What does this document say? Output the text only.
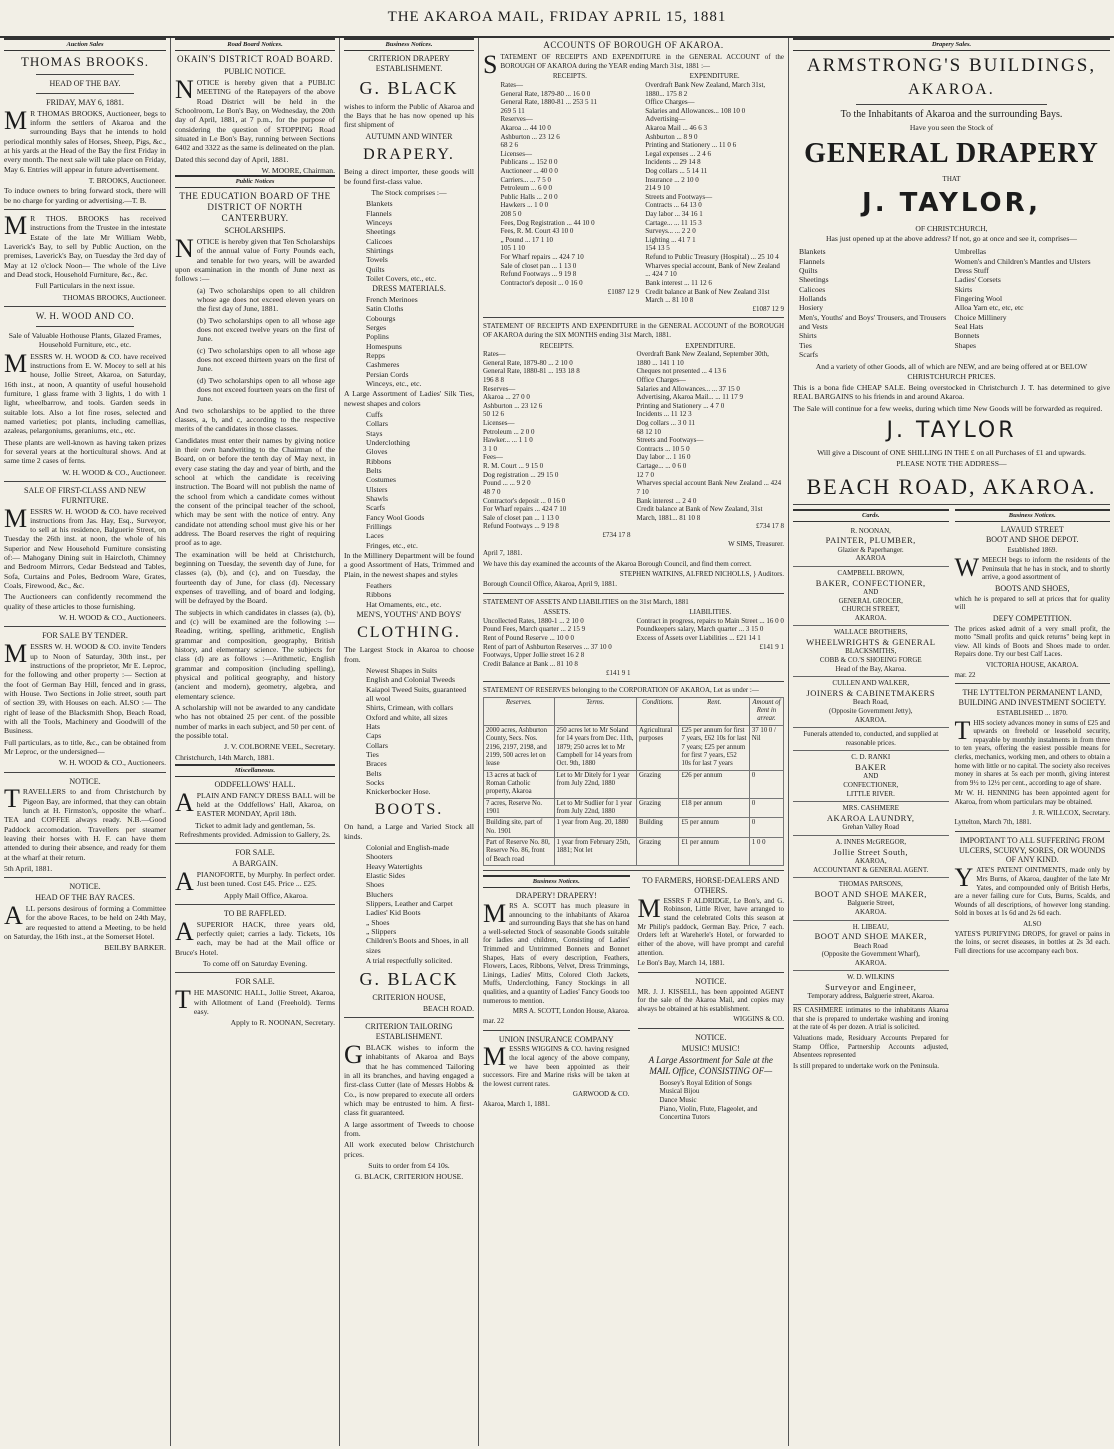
THE AKAROA MAIL, FRIDAY APRIL 15, 1881
Auction Sales
THOMAS BROOKS.
HEAD OF THE BAY.
FRIDAY, MAY 6, 1881.
M R THOMAS BROOKS, Auctioneer, begs to inform the settlers of Akaroa and the surrounding Bays that he intends to hold periodical monthly sales of Horses, Sheep, Pigs, &c., at his yards at the Head of the Bay the first Friday in every month. The next sale will take place on Friday, May 6. Entries will appear in future advertisement.
T. BROOKS, Auctioneer.
To induce owners to bring forward stock, there will be no charge for yarding or advertising.—T. B.
M R THOS. BROOKS has received instructions from the Trustee in the intestate Estate of the late Mr William Webb, Laverick's Bay, to sell by Public Auction, on the premises, Laverick's Bay, on Tuesday the 3rd day of May at 12 o'clock Noon— The whole of the Live and Dead stock, Household Furniture, &c., &c.
Full Particulars in the next issue.
THOMAS BROOKS, Auctioneer.
W. H. WOOD AND CO.
Sale of Valuable Hothouse Plants, Glazed Frames, Household Furniture, etc., etc.
MESSRS W. H. WOOD & CO. have received instructions from E. W. Mocey to sell at his house, Jollie Street, Akaroa, on Saturday, 16th inst., at noon, A quantity of useful household furniture, 1 glass frame with 3 lights, 1 do with 1 light, wheelbarrow, and tools. Garden seeds in suitable lots. Also a lot fine roses, selected and named varieties; pot plants, including camellias, azaleas, pelargoniums, geraniums, etc., etc.
These plants are well-known as having taken prizes for several years at the horticultural shows. And at same time 2 cases of ferns.
W. H. WOOD & CO., Auctioneer.
SALE OF FIRST-CLASS AND NEW FURNITURE.
MESSRS W. H. WOOD & CO. have received instructions from Jas. Hay, Esq., Surveyor, to sell at his residence, Balguerie Street, on Tuesday the 26th inst. at noon, the whole of his Superior and New Household Furniture consisting of:— Mahogany Dining suit in Haircloth, Chimney and Bedroom Mirrors, Cedar Bedstead and Tables, Sofa, Curtains and Poles, Bedroom Ware, Grates, Coals, Firewood, &c., &c.
The Auctioneers can confidently recommend the quality of these articles to those furnishing.
W. H. WOOD & CO., Auctioneers.
FOR SALE BY TENDER.
MESSRS W. H. WOOD & CO. invite Tenders up to Noon of Saturday, 30th inst., per instructions of the proprietor, Mr E. Leproc, for the following and other property :— Section at the foot of German Bay Hill, fenced and in grass, with House. Two Sections in Jolie street, south part of section 39, with Houses on each. ALSO :— The right of lease of the Blacksmith Shop, Beach Road, with all the Tools, Machinery and Goodwill of the Business.
Full particulars, as to title, &c., can be obtained from Mr Leproc, or the undersigned—
W. H. WOOD & CO., Auctioneers.
NOTICE.
TRAVELLERS to and from Christchurch by Pigeon Bay, are informed, that they can obtain lunch at H. Firmston's, opposite the wharf.. TEA and COFFEE always ready. N.B.—Good Paddock accomodation. Travellers per steamer leaving their horses with H. F. can have them attended to during their absence, and ready for them at the wharf at their return.
5th April, 1881.
NOTICE.
HEAD OF THE BAY RACES.
ALL persons desirous of forming a Committee for the above Races, to be held on 24th May, are requested to attend a Meeting, to be held on Saturday, the 16th inst., at the Somerset Hotel.
BEILBY BARKER.
Road Board Notices.
OKAIN'S DISTRICT ROAD BOARD.
PUBLIC NOTICE.
NOTICE is hereby given that a PUBLIC MEETING of the Ratepayers of the above Road District will be held in the Schoolroom, Le Bon's Bay, on Wednesday, the 20th day of April, 1881, at 7 p.m., for the purpose of considering the question of STOPPING Road situated in Le Bon's Bay, running between Sections 6402 and 3322 as the same is delineated on the plan.
Dated this second day of April, 1881.
W. MOORE, Chairman.
Public Notices
THE EDUCATION BOARD OF THE DISTRICT OF NORTH CANTERBURY.
SCHOLARSHIPS.
NOTICE is hereby given that Ten Scholarships of the annual value of Forty Pounds each, and tenable for two years, will be awarded upon examination in the month of June next as follows :—
(a) Two scholarships open to all children whose age does not exceed eleven years on the first day of June, 1881.
(b) Two scholarships open to all whose age does not exceed twelve years on the first of June.
(c) Two scholarships open to all whose age does not exceed thirteen years on the first of June.
(d) Two scholarships open to all whose age does not exceed fourteen years on the first of June.
And two scholarships to be applied to the three classes, a, b, and c, according to the respective merits of the candidates in those classes.
Candidates must enter their names by giving notice in their own handwriting to the Chairman of the Board, on or before the tenth day of May next, in every case stating the day and year of birth, and the school at which the candidate is receiving instruction. The Board will not publish the name of the school from which a candidate comes without the consent of the principal teacher of the school, which may be sent with the notice of entry. Any candidate not attending school must give his or her address. The Board reserves the right of requiring proof as to age.
The examination will be held at Christchurch, beginning on Tuesday, the seventh day of June, for classes (a), (b), and (c), and on Tuesday, the fourteenth day of June, for class (d). Necessary expenses of travelling, and of board and lodging, will be defrayed by the Board.
The subjects in which candidates in classes (a), (b), and (c) will be examined are the following :—Reading, writing, spelling, arithmetic, English grammar and composition, geography, British history, and elementary science. The subjects for class (d) are as follows :—Arithmetic, English grammar and composition (including spelling), physical and political geography, and history (ancient and modern), geometry, algebra, and elementary science.
A scholarship will not be awarded to any candidate who has not obtained 25 per cent. of the possible number of marks in each subject, and 50 per cent. of the possible total.
J. V. COLBORNE VEEL, Secretary.
Christchurch, 14th March, 1881.
Miscellaneous.
ODDFELLOWS' HALL.
APLAIN AND FANCY DRESS BALL will be held at the Oddfellows' Hall, Akaroa, on EASTER MONDAY, April 18th.
Ticket to admit lady and gentleman, 5s. Refreshments provided. Admission to Gallery, 2s.
FOR SALE.
A BARGAIN.
APIANOFORTE, by Murphy. In perfect order. Just been tuned. Cost £45. Price ... £25.
Apply Mail Office, Akaroa.
TO BE RAFFLED.
ASUPERIOR HACK, three years old, perfectly quiet; carries a lady. Tickets, 10s each, may be had at the Mail office or Bruce's Hotel.
To come off on Saturday Evening.
FOR SALE.
THE MASONIC HALL, Jollie Street, Akaroa, with Allotment of Land (Freehold). Terms easy.
Apply to R. NOONAN, Secretary.
Business Notices.
CRITERION DRAPERY ESTABLISHMENT.
G. BLACK
wishes to inform the Public of Akaroa and the Bays that he has now opened up his first shipment of
AUTUMN AND WINTER
DRAPERY.
Being a direct importer, these goods will be found first-class value.
The Stock comprises :—
Blankets
Flannels
Winceys
Sheetings
Calicoes
Shirtings
Towels
Quilts
Toilet Covers, etc., etc.
DRESS MATERIALS.
French Merinoes
Satin Cloths
Cobourgs
Serges
Poplins
Homespuns
Repps
Cashmeres
Persian Cords
Winceys, etc., etc.
A Large Assortment of Ladies' Silk Ties, newest shapes and colors
Cuffs
Collars
Stays
Underclothing
Gloves
Ribbons
Belts
Costumes
Ulsters
Shawls
Scarfs
Fancy Wool Goods
Frillings
Laces
Fringes, etc., etc.
In the Millinery Department will be found a good Assortment of Hats, Trimmed and Plain, in the newest shapes and styles
Feathers
Ribbons
Hat Ornaments, etc., etc.
MEN'S, YOUTHS' AND BOYS'
CLOTHING.
The Largest Stock in Akaroa to choose from.
Newest Shapes in Suits
English and Colonial Tweeds
Kaiapoi Tweed Suits, guaranteed all wool
Shirts, Crimean, with collars
Oxford and white, all sizes
Hats
Caps
Collars
Ties
Braces
Belts
Socks
Knickerbocker Hose.
BOOTS.
On hand, a Large and Varied Stock all kinds.
Colonial and English-made Shooters
Heavy Watertights
Elastic Sides
Shoes
Bluchers
Slippers, Leather and Carpet
Ladies' Kid Boots
„ Shoes
„ Slippers
Children's Boots and Shoes, in all sizes
A trial respectfully solicited.
G. BLACK
CRITERION HOUSE,
BEACH ROAD.
CRITERION TAILORING ESTABLISHMENT.
GBLACK wishes to inform the inhabitants of Akaroa and Bays that he has commenced Tailoring in all its branches, and having engaged a first-class Cutter (late of Messrs Hobbs & Co., is now prepared to execute all orders which may be entrusted to him. A first-class fit guaranteed.
A large assortment of Tweeds to choose from.
All work executed below Christchurch prices.
Suits to order from £4 10s.
G. BLACK, CRITERION HOUSE.
ACCOUNTS OF BOROUGH OF AKAROA.
STATEMENT OF RECEIPTS AND EXPENDITURE in the GENERAL ACCOUNT of the BOROUGH OF AKAROA during the YEAR ending March 31st, 1881 :—
RECEIPTS.
Rates—
General Rate, 1879-80 ... 16 0 0
General Rate, 1880-81 ... 253 5 11
269 5 11
Reserves—
Akaroa ... 44 10 0
Ashburton ... 23 12 6
68 2 6
Licenses—
Publicans ... 152 0 0
Auctioneer ... 40 0 0
Carriers... ... 7 5 0
Petroleum ... 6 0 0
Public Halls ... 2 0 0
Hawkers ... 1 0 0
208 5 0
Fees, Dog Registration ... 44 10 0
Fees, R. M. Court 43 10 0
„ Pound ... 17 1 10
105 1 10
For Wharf repairs ... 424 7 10
Sale of closet pan ... 1 13 0
Refund Footways ... 9 19 8
Contractor's deposit ... 0 16 0
£1087 12 9
EXPENDITURE.
Overdraft Bank New Zealand, March 31st, 1880... 175 8 2
Office Charges—
Salaries and Allowances... 108 10 0
Advertising—
Akaroa Mail ... 46 6 3
Ashburton ... 8 9 0
Printing and Stationery ... 11 0 6
Legal expenses ... 2 4 6
Incidents ... 29 14 8
Dog collars ... 5 14 11
Insurance ... 2 10 0
214 9 10
Streets and Footways—
Contracts ... 64 13 0
Day labor ... 34 16 1
Cartage... ... 11 15 3
Surveys... ... 2 2 0
Lighting ... 41 7 1
154 13 5
Refund to Public Treasury (Hospital) ... 25 10 4
Wharves special account, Bank of New Zealand ... 424 7 10
Bank interest ... 11 12 6
Credit balance at Bank of New Zealand 31st March ... 81 10 8
£1087 12 9
STATEMENT OF RECEIPTS AND EXPENDITURE in the GENERAL ACCOUNT of the BOROUGH OF AKAROA during the SIX MONTHS ending 31st March, 1881.
RECEIPTS.
Rates—
General Rate, 1879-80 ... 2 10 0
General Rate, 1880-81 ... 193 18 8
196 8 8
Reserves—
Akaroa ... 27 0 0
Ashburton ... 23 12 6
50 12 6
Licenses—
Petroleum ... 2 0 0
Hawker... ... 1 1 0
3 1 0
Fees—
R. M. Court ... 9 15 0
Dog registration ... 29 15 0
Pound ... ... 9 2 0
48 7 0
Contractor's deposit ... 0 16 0
For Wharf repairs ... 424 7 10
Sale of closet pan ... 1 13 0
Refund Footways ... 9 19 8
£734 17 8
EXPENDITURE.
Overdraft Bank New Zealand, September 30th, 1880 ... 141 1 10
Cheques not presented ... 4 13 6
Office Charges—
Salaries and Allowances... ... 37 15 0
Advertising, Akaroa Mail... ... 11 17 9
Printing and Stationery ... 4 7 0
Incidents ... 11 12 3
Dog collars ... 3 0 11
68 12 10
Streets and Footways—
Contracts ... 10 5 0
Day labor ... 1 16 0
Cartage... ... 0 6 0
12 7 0
Wharves special account Bank New Zealand ... 424 7 10
Bank interest ... 2 4 0
Credit balance at Bank of New Zealand, 31st March, 1881... 81 10 8
£734 17 8
W SIMS, Treasurer.
April 7, 1881.
We have this day examined the accounts of the Akaroa Borough Council, and find them correct.
STEPHEN WATKINS, ALFRED NICHOLLS, } Auditors.
Borough Council Office, Akaroa, April 9, 1881.
STATEMENT OF ASSETS AND LIABILITIES on the 31st March, 1881
ASSETS.
Uncollected Rates, 1880-1 ... 2 10 0
Pound Fees, March quarter ... 2 15 9
Rent of Pound Reserve ... 10 0 0
Rent of part of Ashburton Reserves ... 37 10 0
Footways, Upper Jollie street 16 2 8
Credit Balance at Bank ... 81 10 8
£141 9 1
LIABILITIES.
Contract in progress, repairs to Main Street ... 16 0 0
Poundkeepers salary, March quarter ... 3 15 0
Excess of Assets over Liabilities ... £21 14 1
£141 9 1
STATEMENT OF RESERVES belonging to the CORPORATION OF AKAROA, Let as under :—
Reserves.	Terms.	Conditions.	Rent.	Amount of Rent in arrear.
2000 acres, Ashburton County, Secs. Nos. 2196, 2197, 2198, and 2199, 500 acres let on lease	250 acres let to Mr Soland for 14 years from Dec. 11th, 1879; 250 acres let to Mr Campbell for 14 years from Oct. 9th, 1880	Agricultural purposes	£25 per annum for first 7 years, £62 10s for last 7 years; £25 per annum for first 7 years, £52 10s for last 7 years	37 10 0 / Nil
13 acres at back of Roman Catholic property, Akaroa	Let to Mr Ditely for 1 year from July 22nd, 1880	Grazing	£26 per annum	0
7 acres, Reserve No. 1901	Let to Mr Sudlier for 1 year from July 22nd, 1880	Grazing	£18 per annum	0
Building site, part of No. 1901	1 year from Aug. 20, 1880	Building	£5 per annum	0
Part of Reserve No. 80, Reserve No. 86, front of Beach road	1 year from February 25th, 1881; Not let	Grazing	£1 per annum	1 0 0
Business Notices.
DRAPERY! DRAPERY!
MRS A. SCOTT has much pleasure in announcing to the inhabitants of Akaroa and surrounding Bays that she has on hand a well-selected Stock of seasonable Goods suitable for ladies and children, Consisting of Ladies' Trimmed and Untrimmed Bonnets and Bonnet Shapes, Hats of every description, Feathers, Flowers, Laces, Ribbons, Velvet, Dress Trimmings, Linings, Ladies' Mitts, Colored Cloth Jackets, Muffs, Underclothing, Fancy Stockings in all qualities, and a quantity of Ladies' Fancy Goods too numerous to mention.
MRS A. SCOTT, London House, Akaroa.
mar. 22
UNION INSURANCE COMPANY
MESSRS WIGGINS & CO. having resigned the local agency of the above company, we have been appointed as their successors. Fire and Marine risks will be taken at the lowest current rates.
GARWOOD & CO.
Akaroa, March 1, 1881.
TO FARMERS, HORSE-DEALERS AND OTHERS.
MESSRS F ALDRIDGE, Le Bon's, and G. Robinson, Little River, have arranged to stand the celebrated Colts this season at Mr Philip's paddock, German Bay. Price, 7 each. Orders left at Wareherle's Hotel, or forwarded to either of the above, will have prompt and careful attention.
Le Bon's Bay, March 14, 1881.
NOTICE.
MR. J. J. KISSELL, has been appointed AGENT for the sale of the Akaroa Mail, and copies may always be obtained at his establishment.
WIGGINS & CO.
NOTICE.
MUSIC! MUSIC!
A Large Assortment for Sale at the MAIL Office, CONSISTING OF—
Boosey's Royal Edition of Songs
Musical Bijou
Dance Music
Piano, Violin, Flute, Flageolet, and Concertina Tutors
Drapery Sales.
ARMSTRONG'S BUILDINGS,
AKAROA.
To the Inhabitants of Akaroa and the surrounding Bays.
Have you seen the Stock of
GENERAL DRAPERY
THAT
J. TAYLOR,
OF CHRISTCHURCH,
Has just opened up at the above address? If not, go at once and see it, comprises—
Blankets
Flannels
Quilts
Sheetings
Calicoes
Hollands
Hosiery
Men's, Youths' and Boys' Trousers, and Trousers and Vests
Shirts
Ties
Scarfs
Umbrellas
Women's and Children's Mantles and Ulsters
Dress Stuff
Ladies' Corsets
Skirts
Fingering Wool
Alloa Yarn etc, etc, etc
Choice Millinery
Seal Hats
Bonnets
Shapes
And a variety of other Goods, all of which are NEW, and are being offered at or BELOW CHRISTCHURCH PRICES.
This is a bona fide CHEAP SALE. Being overstocked in Christchurch J. T. has determined to give REAL BARGAINS to his friends in and around Akaroa.
The Sale will continue for a few weeks, during which time New Goods will be forwarded as required.
J. TAYLOR
Will give a Discount of ONE SHILLING IN THE £ on all Purchases of £1 and upwards.
PLEASE NOTE THE ADDRESS—
BEACH ROAD, AKAROA.
Cards.
R. NOONAN,
PAINTER, PLUMBER,
Glazier & Paperhanger.
AKAROA
CAMPBELL BROWN,
BAKER, CONFECTIONER,
AND
GENERAL GROCER,
CHURCH STREET,
AKAROA.
WALLACE BROTHERS,
WHEELWRIGHTS & GENERAL
BLACKSMITHS,
COBB & CO.'S SHOEING FORGE
Head of the Bay, Akaroa.
CULLEN AND WALKER,
JOINERS & CABINETMAKERS
Beach Road,
(Opposite Government Jetty),
AKAROA.
Funerals attended to, conducted, and supplied at reasonable prices.
C. D. RANKI
BAKER
AND
CONFECTIONER,
LITTLE RIVER.
MRS. CASHMERE
AKAROA LAUNDRY,
Grehan Valley Road
A. INNES McGREGOR,
Jollie Street South,
AKAROA,
ACCOUNTANT & GENERAL AGENT.
THOMAS PARSONS,
BOOT AND SHOE MAKER,
Balguerie Street,
AKAROA.
H. LIBEAU,
BOOT AND SHOE MAKER,
Beach Road
(Opposite the Government Wharf),
AKAROA.
W. D. WILKINS
Surveyor and Engineer,
Temporary address, Balguerie street, Akaroa.
RS CASHMERE intimates to the inhabitants Akaroa that she is prepared to undertake washing and ironing at the rate of 4s per dozen. A trial is solicited.
Valuations made, Residuary Accounts Prepared for Stamp Office, Partnership Accounts adjusted, Absentees represented
Is still prepared to undertake work on the Peninsula.
Business Notices.
LAVAUD STREET
BOOT AND SHOE DEPOT.
Established 1869.
WMEECH begs to inform the residents of the Peninsula that he has in stock, and to shortly arrive, a good assortment of
BOOTS AND SHOES,
which he is prepared to sell at prices that for quality will
DEFY COMPETITION.
The prices asked admit of a very small profit, the motto "Small profits and quick returns" being kept in view. All kinds of Boots and Shoes made to order. Repairs done. Try our best Calf Laces.
VICTORIA HOUSE, AKAROA.
mar. 22
THE LYTTELTON PERMANENT LAND, BUILDING AND INVESTMENT SOCIETY.
ESTABLISHED ... 1870.
THIS society advances money in sums of £25 and upwards on freehold or leasehold security, repayable by monthly instalments in from three to ten years, offering the easiest possible means for clerks, mechanics, working men, and others to obtain a home with little or no capital. The society also receives money in shares at 5s each per month, giving interest from 9½ to 12½ per cent., according to age of share.
Mr W. H. HENNING has been appointed agent for Akaroa, from whom particulars may be obtained.
J. R. WILLCOX, Secretary.
Lyttelton, March 7th, 1881.
IMPORTANT TO ALL SUFFERING FROM ULCERS, SCURVY, SORES, OR WOUNDS OF ANY KIND.
YATE'S PATENT OINTMENTS, made only by Mrs Burns, of Akaroa, daughter of the late Mr Yates, and compounded only of British Herbs, are a never failing cure for Cuts, Burns, Scalds, and Wounds of all descriptions, of however long standing. Sold in boxes at 1s 6d and 2s 6d each.
ALSO
YATES'S PURIFYING DROPS, for gravel or pains in the loins, or secret diseases, in bottles at 2s 3d each. Full directions for use accompany each box.
